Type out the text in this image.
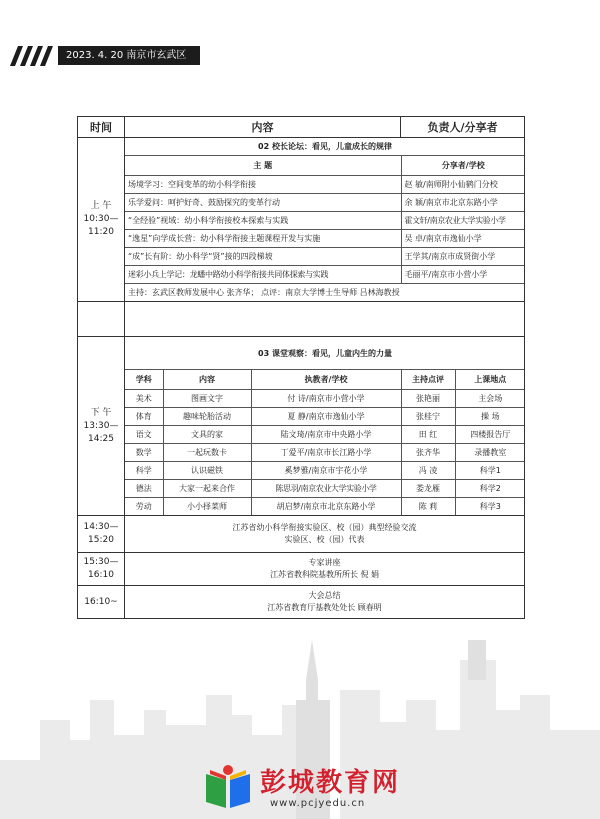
2023. 4. 20 南京市玄武区
时间	内容	负责人/分享者

上 午
10:30—
11:20

02 校长论坛：看见，儿童成长的规律
主 题	分享者/学校
场境学习：空间变革的幼小科学衔接	赵 敏/南师附小仙鹤门分校
乐学爱问：呵护好奇、鼓励探究的变革行动	余 颖/南京市北京东路小学
“全经验”视域：幼小科学衔接校本探索与实践	霍文轩/南京农业大学实验小学
“逸星”向学成长营：幼小科学衔接主题课程开发与实施	吴 卓/南京市逸仙小学
“成”长有阶：幼小科学“贤”接的四段梯坡	王学其/南京市成贤街小学
迷彩小兵上学记：龙蟠中路幼小科学衔接共同体探索与实践	毛丽平/南京市小营小学
主持：玄武区教师发展中心 张齐华； 点评：南京大学博士生导师 吕林海教授

下 午
13:30—
14:25

03 课堂观察：看见，儿童内生的力量
学科	内容	执教者/学校	主持点评	上课地点
美术	图画文字	付 诗/南京市小营小学	张艳丽	主会场
体育	趣味轮胎活动	夏 静/南京市逸仙小学	张桂宁	操 场
语文	文具的家	陆文琦/南京市中央路小学	田 红	四楼报告厅
数学	一起玩数卡	丁爱平/南京市长江路小学	张齐华	录播教室
科学	认识磁铁	奚梦雅/南京市宇花小学	冯 凌	科学1
德法	大家一起来合作	陈思羽/南京农业大学实验小学	娄龙雁	科学2
劳动	小小择菜师	胡启梦/南京市北京东路小学	陈 莉	科学3

14:30—
15:20

江苏省幼小科学衔接实验区、校（园）典型经验交流
实验区、校（园）代表

15:30—
16:10

专家讲座
江苏省教科院基教所所长 倪 娟

16:10~

大会总结
江苏省教育厅基教处处长 顾春明
彭城教育网
www.pcjyedu.cn
